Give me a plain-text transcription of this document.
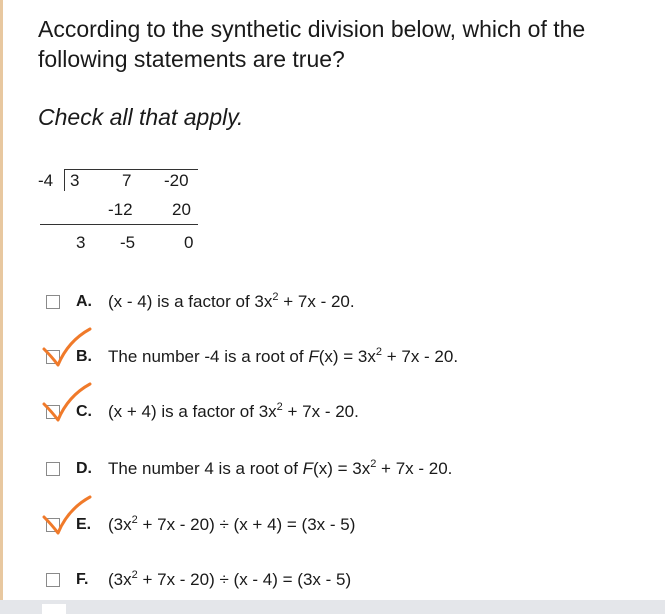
According to the synthetic division below, which of the following statements are true?

Check all that apply.
-4 3	7 -20
-12 20
3 -5	0
A. (x - 4) is a factor of $3x^2 + 7x - 20$.
B. The number -4 is a root of $F(x) = 3x^2 + 7x - 20$.
C. (x + 4) is a factor of $3x^2 + 7x - 20$.
D. The number 4 is a root of $F(x) = 3x^2 + 7x - 20$.
E. $(3x^2 + 7x - 20) \div (x + 4) = (3x - 5)$
F. $(3x^2 + 7x - 20) \div (x - 4) = (3x - 5)$
